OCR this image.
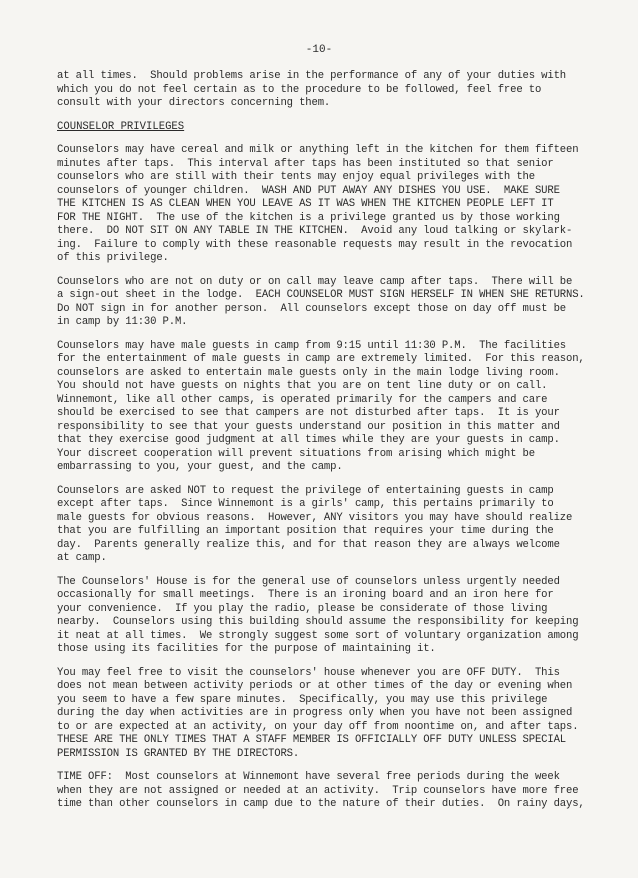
-10-
at all times.  Should problems arise in the performance of any of your duties with
which you do not feel certain as to the procedure to be followed, feel free to
consult with your directors concerning them.
COUNSELOR PRIVILEGES
Counselors may have cereal and milk or anything left in the kitchen for them fifteen
minutes after taps.  This interval after taps has been instituted so that senior
counselors who are still with their tents may enjoy equal privileges with the
counselors of younger children.  WASH AND PUT AWAY ANY DISHES YOU USE.  MAKE SURE
THE KITCHEN IS AS CLEAN WHEN YOU LEAVE AS IT WAS WHEN THE KITCHEN PEOPLE LEFT IT
FOR THE NIGHT.  The use of the kitchen is a privilege granted us by those working
there.  DO NOT SIT ON ANY TABLE IN THE KITCHEN.  Avoid any loud talking or skylark-
ing.  Failure to comply with these reasonable requests may result in the revocation
of this privilege.
Counselors who are not on duty or on call may leave camp after taps.  There will be
a sign-out sheet in the lodge.  EACH COUNSELOR MUST SIGN HERSELF IN WHEN SHE RETURNS.
Do NOT sign in for another person.  All counselors except those on day off must be
in camp by 11:30 P.M.
Counselors may have male guests in camp from 9:15 until 11:30 P.M.  The facilities
for the entertainment of male guests in camp are extremely limited.  For this reason,
counselors are asked to entertain male guests only in the main lodge living room.
You should not have guests on nights that you are on tent line duty or on call.
Winnemont, like all other camps, is operated primarily for the campers and care
should be exercised to see that campers are not disturbed after taps.  It is your
responsibility to see that your guests understand our position in this matter and
that they exercise good judgment at all times while they are your guests in camp.
Your discreet cooperation will prevent situations from arising which might be
embarrassing to you, your guest, and the camp.
Counselors are asked NOT to request the privilege of entertaining guests in camp
except after taps.  Since Winnemont is a girls' camp, this pertains primarily to
male guests for obvious reasons.  However, ANY visitors you may have should realize
that you are fulfilling an important position that requires your time during the
day.  Parents generally realize this, and for that reason they are always welcome
at camp.
The Counselors' House is for the general use of counselors unless urgently needed
occasionally for small meetings.  There is an ironing board and an iron here for
your convenience.  If you play the radio, please be considerate of those living
nearby.  Counselors using this building should assume the responsibility for keeping
it neat at all times.  We strongly suggest some sort of voluntary organization among
those using its facilities for the purpose of maintaining it.
You may feel free to visit the counselors' house whenever you are OFF DUTY.  This
does not mean between activity periods or at other times of the day or evening when
you seem to have a few spare minutes.  Specifically, you may use this privilege
during the day when activities are in progress only when you have not been assigned
to or are expected at an activity, on your day off from noontime on, and after taps.
THESE ARE THE ONLY TIMES THAT A STAFF MEMBER IS OFFICIALLY OFF DUTY UNLESS SPECIAL
PERMISSION IS GRANTED BY THE DIRECTORS.
TIME OFF:  Most counselors at Winnemont have several free periods during the week
when they are not assigned or needed at an activity.  Trip counselors have more free
time than other counselors in camp due to the nature of their duties.  On rainy days,
